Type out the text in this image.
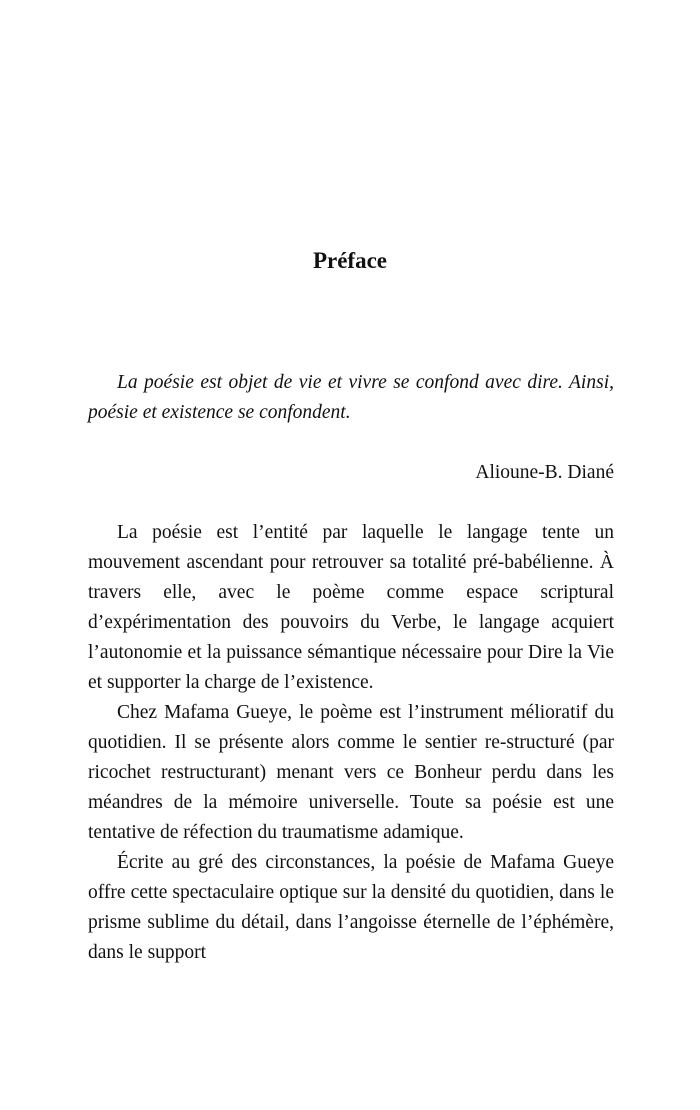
Préface

La poésie est objet de vie et vivre se confond avec dire. Ainsi, poésie et existence se confondent.

Alioune-B. Diané

La poésie est l’entité par laquelle le langage tente un mouvement ascendant pour retrouver sa totalité pré-babélienne. À travers elle, avec le poème comme espace scriptural d’expérimentation des pouvoirs du Verbe, le langage acquiert l’autonomie et la puissance sémantique nécessaire pour Dire la Vie et supporter la charge de l’existence.

Chez Mafama Gueye, le poème est l’instrument mélioratif du quotidien. Il se présente alors comme le sentier re-structuré (par ricochet restructurant) menant vers ce Bonheur perdu dans les méandres de la mémoire universelle. Toute sa poésie est une tentative de réfection du traumatisme adamique.

Écrite au gré des circonstances, la poésie de Mafama Gueye offre cette spectaculaire optique sur la densité du quotidien, dans le prisme sublime du détail, dans l’angoisse éternelle de l’éphémère, dans le support
